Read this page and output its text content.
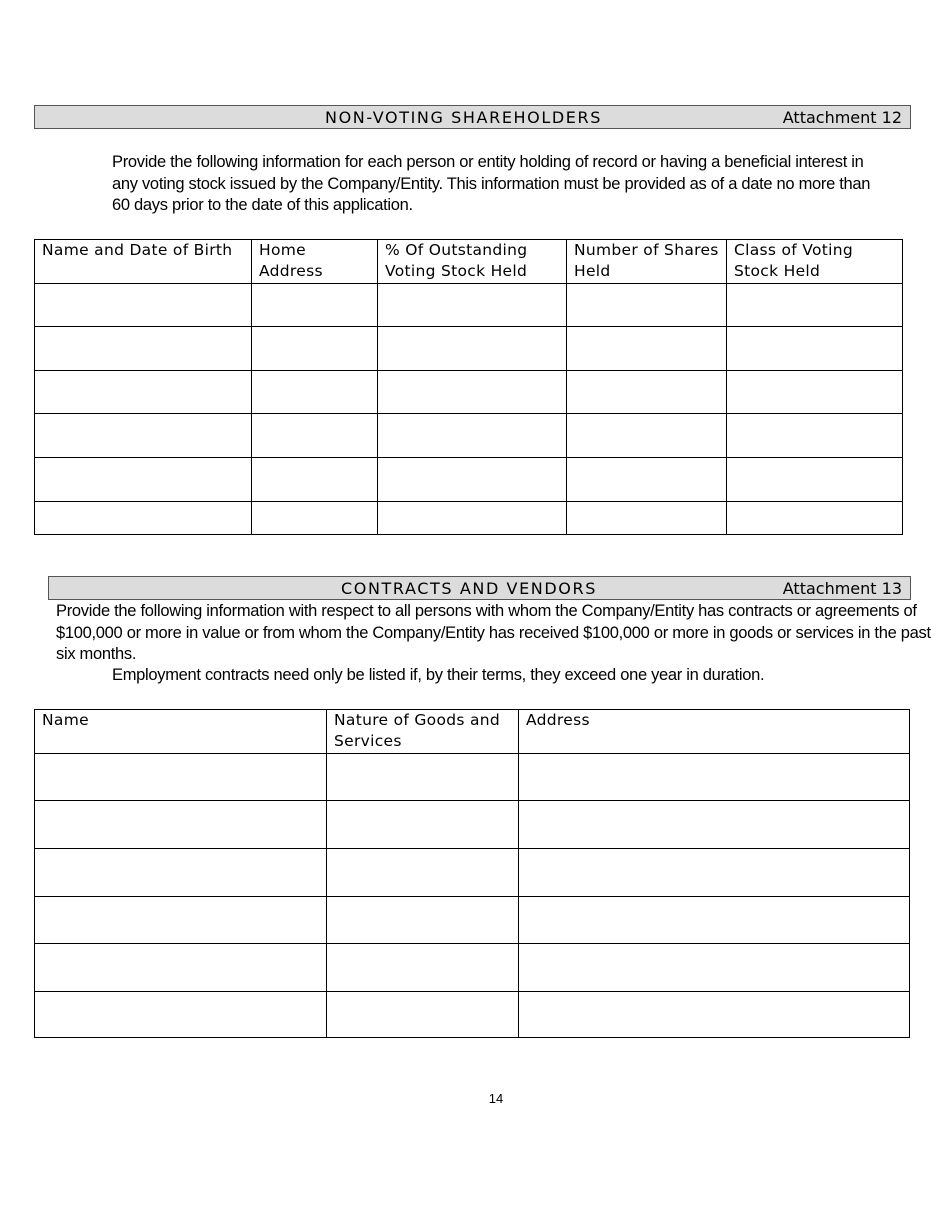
NON-VOTING SHAREHOLDERS	Attachment 12
Provide the following information for each person or entity holding of record or having a beneficial interest in any voting stock issued by the Company/Entity. This information must be provided as of a date no more than 60 days prior to the date of this application.
Name and Date of Birth	Home Address	% Of Outstanding Voting Stock Held	Number of Shares Held	Class of Voting Stock Held

CONTRACTS AND VENDORS	Attachment 13
Provide the following information with respect to all persons with whom the Company/Entity has contracts or agreements of $100,000 or more in value or from whom the Company/Entity has received $100,000 or more in goods or services in the past six months.
Employment contracts need only be listed if, by their terms, they exceed one year in duration.
Name	Nature of Goods and Services	Address

14
